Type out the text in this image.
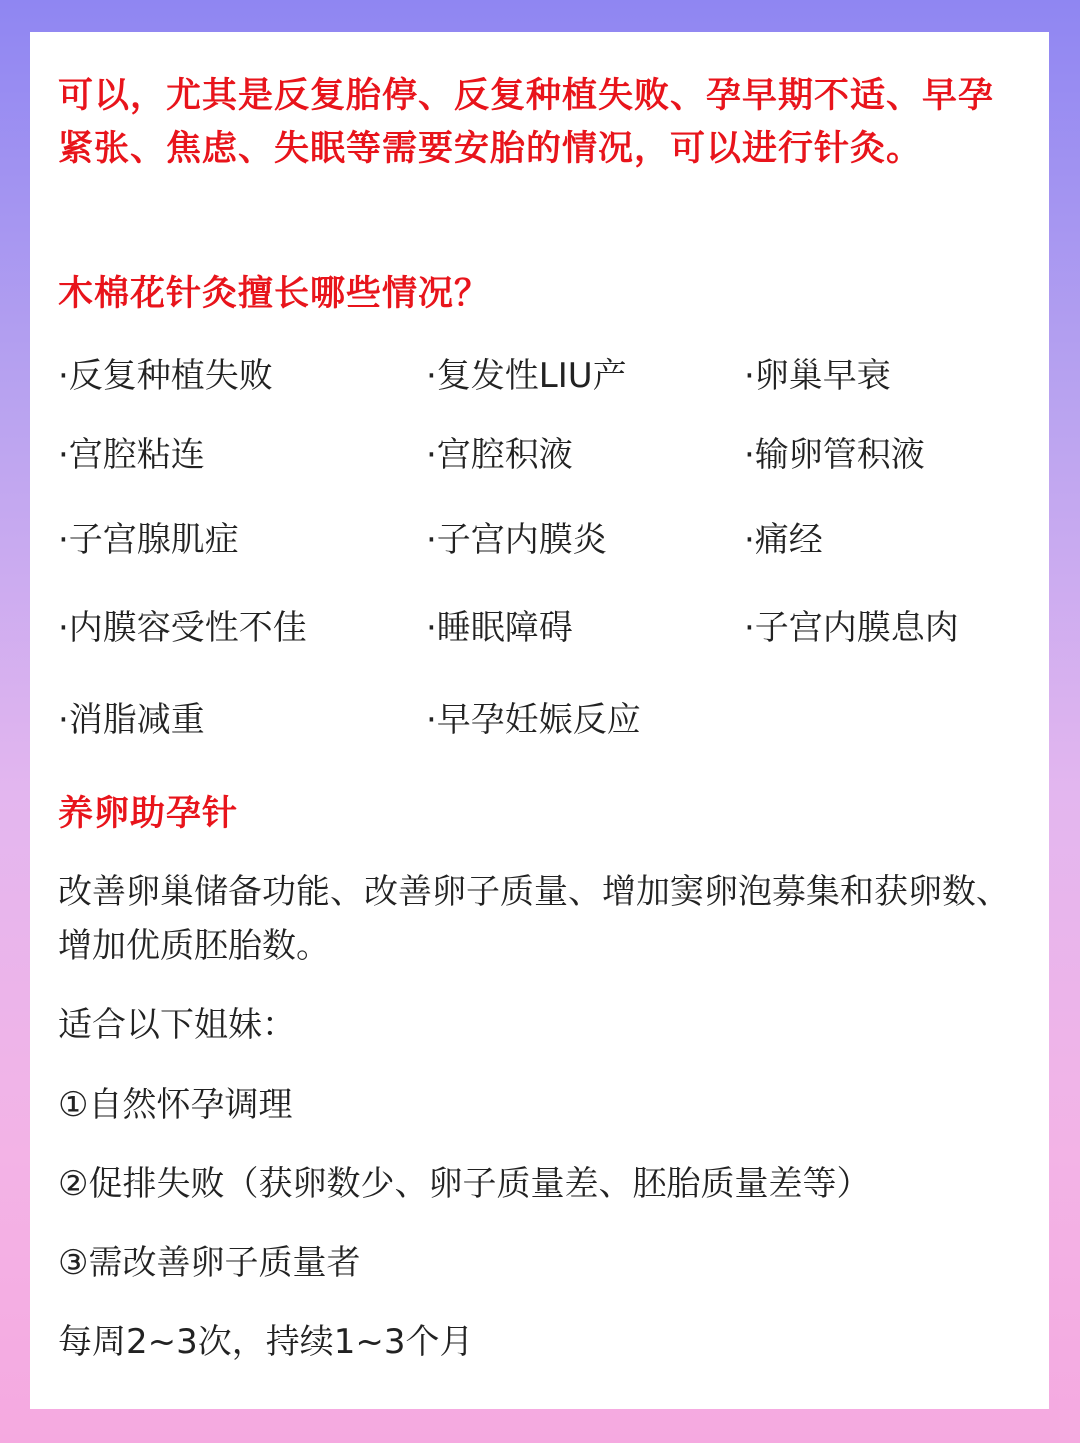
可以，尤其是反复胎停、反复种植失败、孕早期不适、早孕紧张、焦虑、失眠等需要安胎的情况，可以进行针灸。

木棉花针灸擅长哪些情况？
·反复种植失败	·复发性LIU产	·卵巢早衰
·宫腔粘连	·宫腔积液	·输卵管积液
·子宫腺肌症	·子宫内膜炎	·痛经
·内膜容受性不佳	·睡眠障碍	·子宫内膜息肉
·消脂减重	·早孕妊娠反应
养卵助孕针

改善卵巢储备功能、改善卵子质量、增加窦卵泡募集和获卵数、增加优质胚胎数。

适合以下姐妹：

①自然怀孕调理

②促排失败（获卵数少、卵子质量差、胚胎质量差等）

③需改善卵子质量者

每周2~3次，持续1~3个月
